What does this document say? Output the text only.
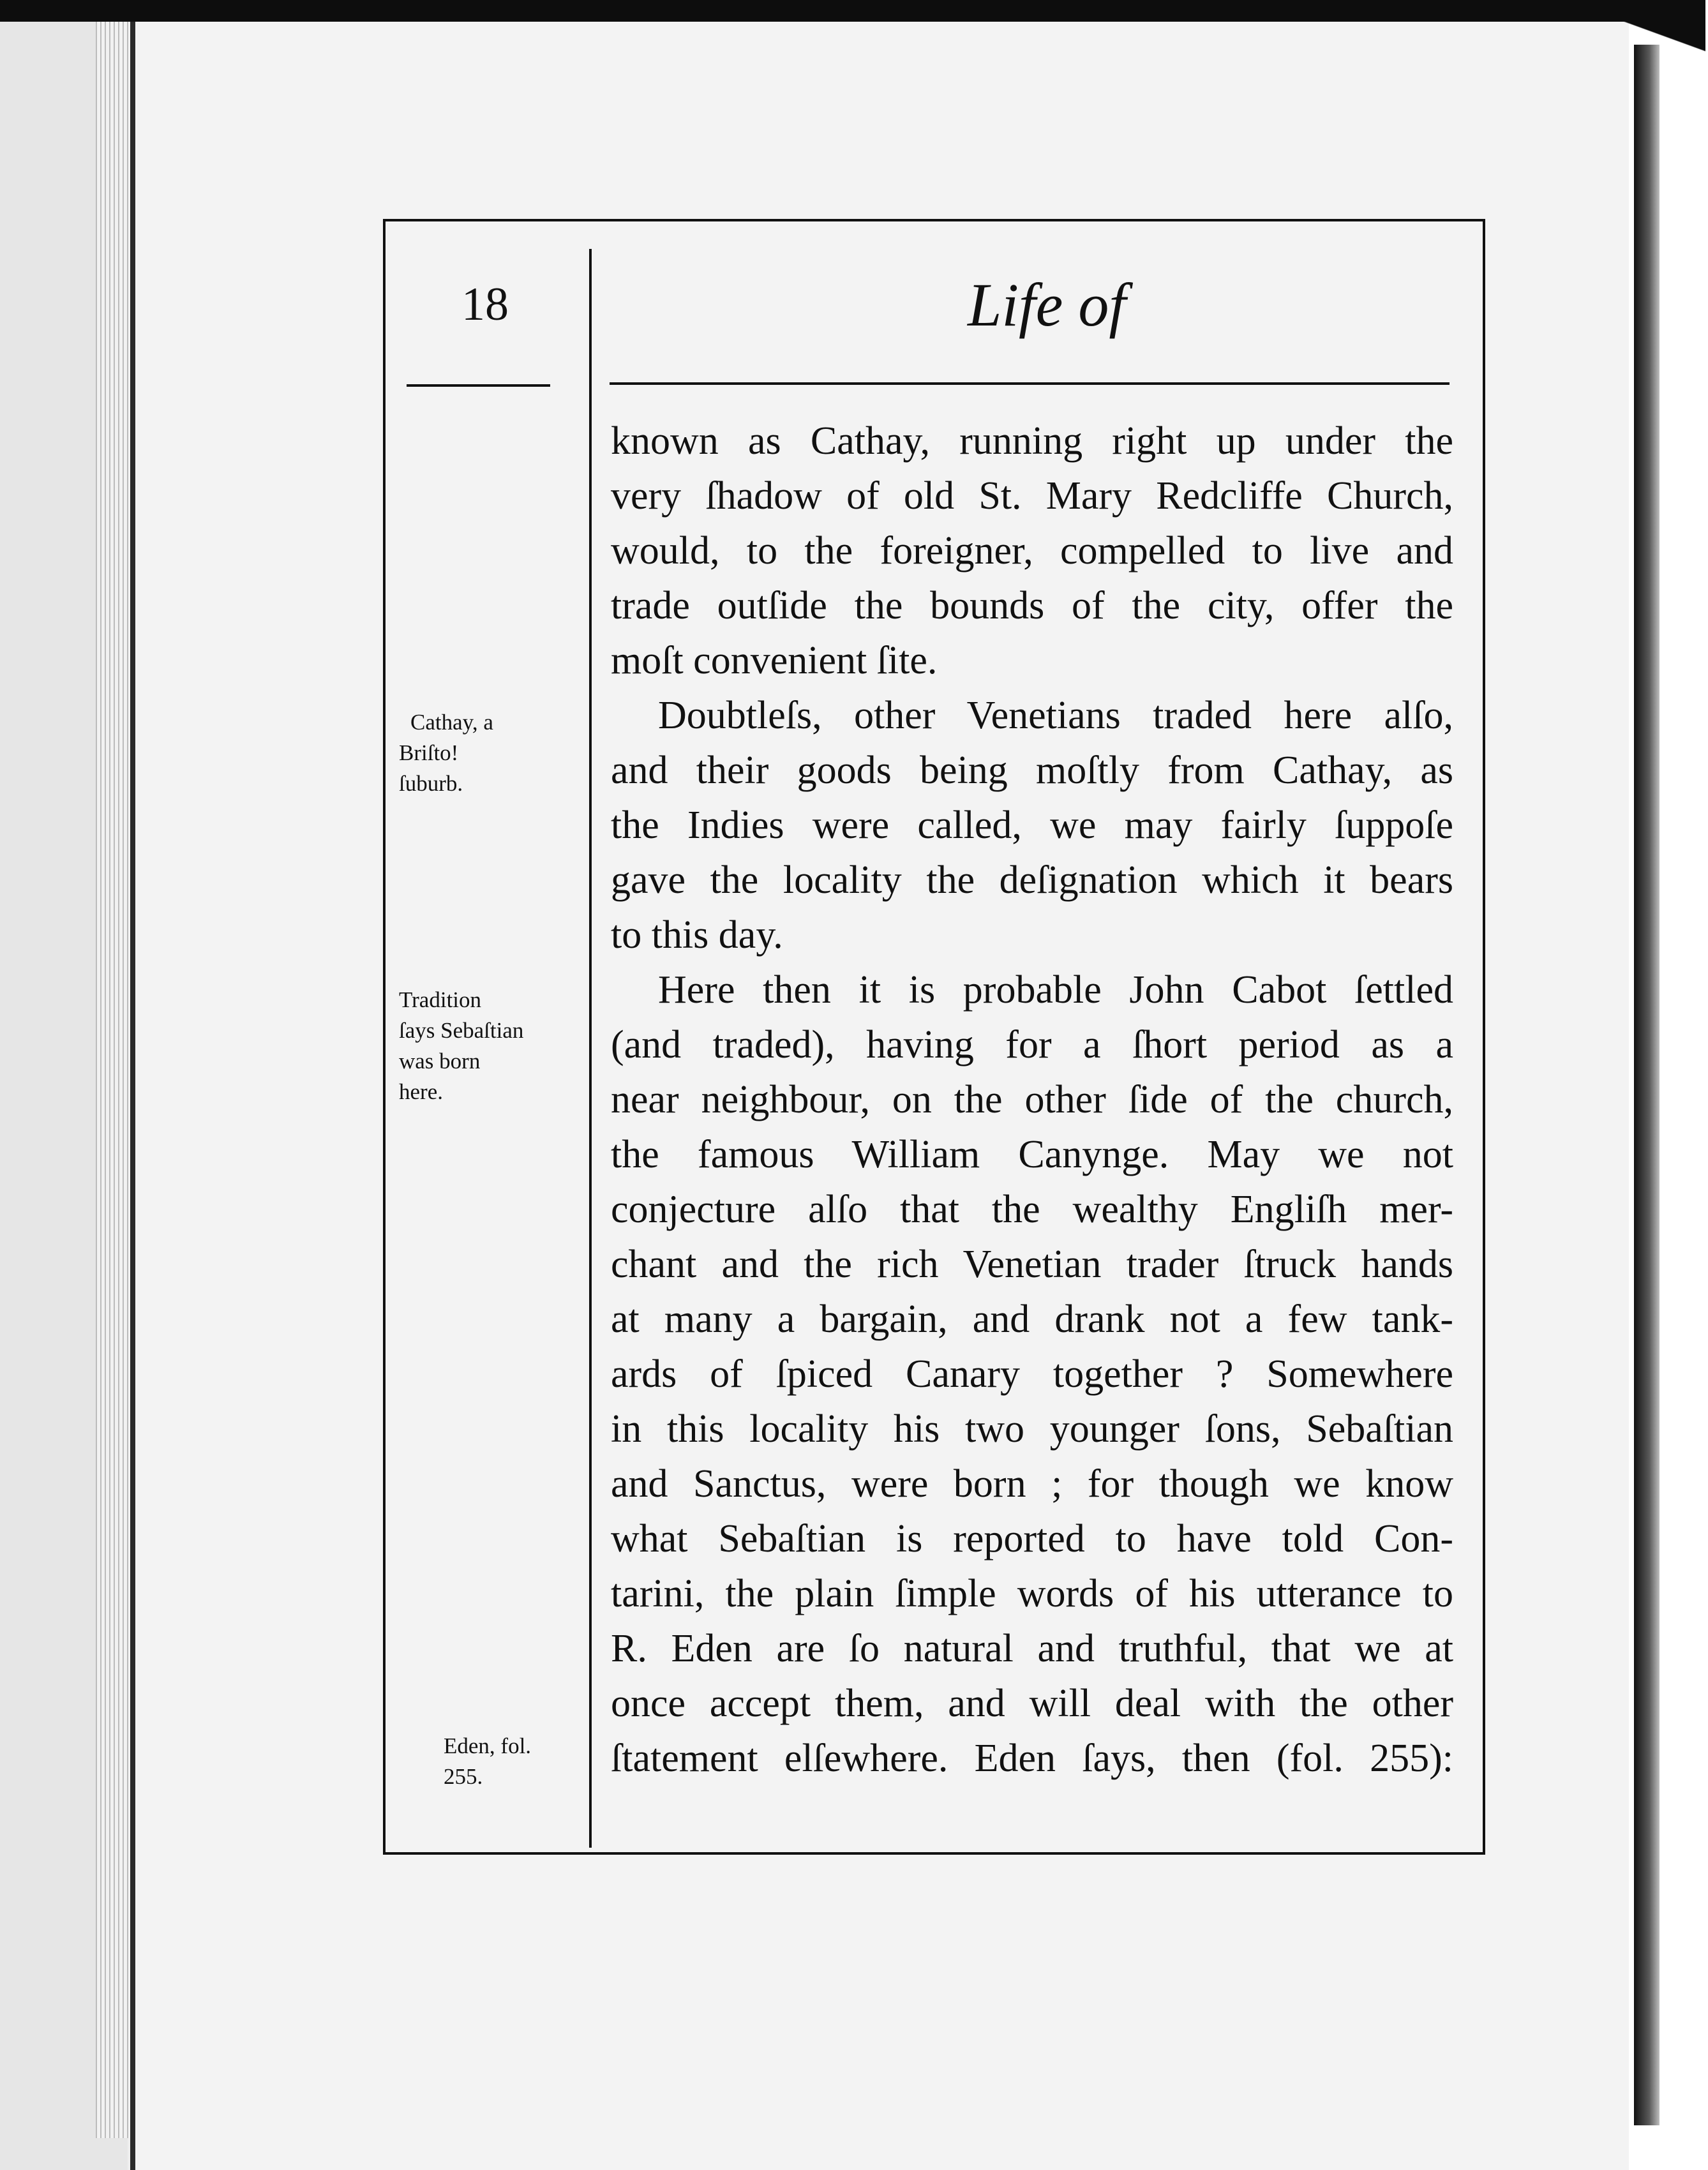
18	Life of
Cathay, a
Briſto!
ſuburb.
Tradition
ſays Sebaſtian
was born
here.
Eden, fol.
255.
known as Cathay, running right up under the
very ſhadow of old St. Mary Redcliffe Church,
would, to the foreigner, compelled to live and
trade outſide the bounds of the city, offer the
moſt convenient ſite.
Doubtleſs, other Venetians traded here alſo,
and their goods being moſtly from Cathay, as
the Indies were called, we may fairly ſuppoſe
gave the locality the deſignation which it bears
to this day.
Here then it is probable John Cabot ſettled
(and traded), having for a ſhort period as a
near neighbour, on the other ſide of the church,
the famous William Canynge. May we not
conjecture alſo that the wealthy Engliſh mer-
chant and the rich Venetian trader ſtruck hands
at many a bargain, and drank not a few tank-
ards of ſpiced Canary together ? Somewhere
in this locality his two younger ſons, Sebaſtian
and Sanctus, were born ; for though we know
what Sebaſtian is reported to have told Con-
tarini, the plain ſimple words of his utterance to
R. Eden are ſo natural and truthful, that we at
once accept them, and will deal with the other
ſtatement elſewhere. Eden ſays, then (fol. 255):
